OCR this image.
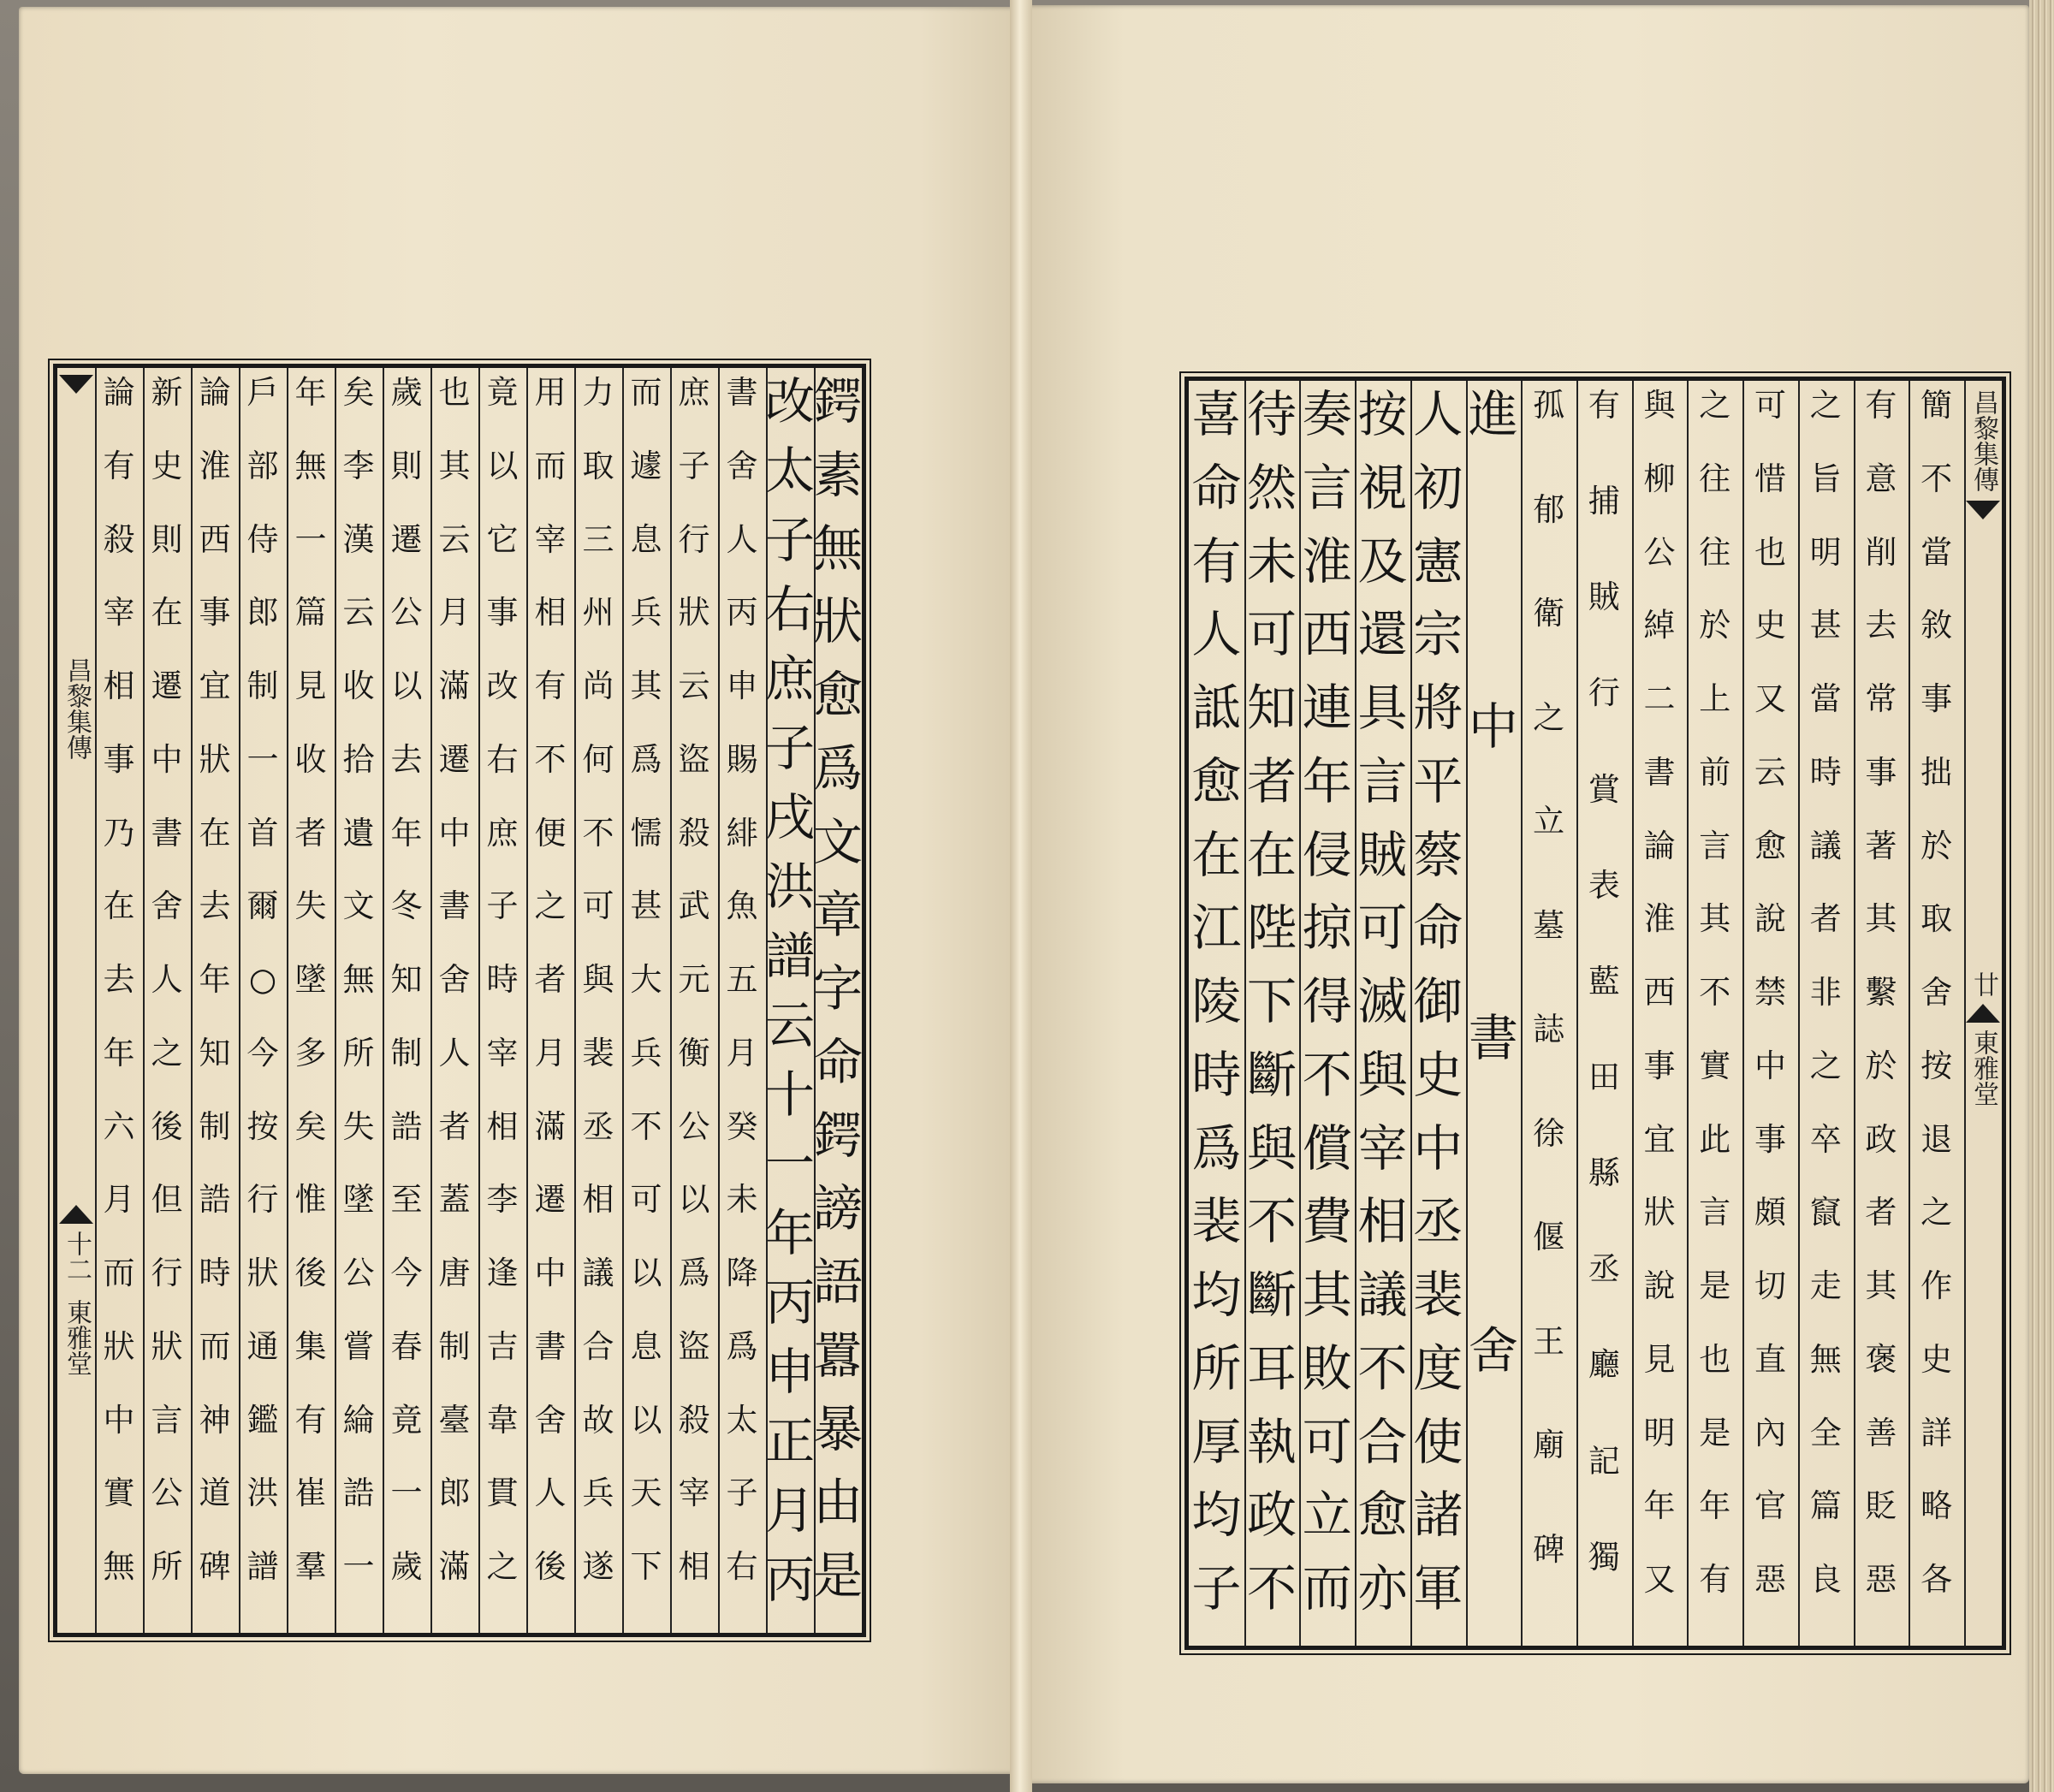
昌黎集傳
十二
東雅堂
鍔
素
無
狀
愈
爲
文
章
字
命
鍔
謗
語
囂
暴
由
是
改
太
子
右
庶
子
戌
洪
譜
云
十
一
年
丙
申
正
月
丙
書
舍
人
丙
申
賜
緋
魚
五
月
癸
未
降
爲
太
子
右
庶
子
行
狀
云
盜
殺
武
元
衡
公
以
爲
盜
殺
宰
相
而
遽
息
兵
其
爲
懦
甚
大
兵
不
可
以
息
以
天
下
力
取
三
州
尚
何
不
可
與
裴
丞
相
議
合
故
兵
遂
用
而
宰
相
有
不
便
之
者
月
滿
遷
中
書
舍
人
後
竟
以
它
事
改
右
庶
子
時
宰
相
李
逢
吉
韋
貫
之
也
其
云
月
滿
遷
中
書
舍
人
者
蓋
唐
制
臺
郎
滿
歲
則
遷
公
以
去
年
冬
知
制
誥
至
今
春
竟
一
歲
矣
李
漢
云
收
拾
遺
文
無
所
失
墜
公
嘗
綸
誥
一
年
無
一
篇
見
收
者
失
墜
多
矣
惟
後
集
有
崔
羣
戶
部
侍
郎
制
一
首
爾
○
今
按
行
狀
通
鑑
洪
譜
論
淮
西
事
宜
狀
在
去
年
知
制
誥
時
而
神
道
碑
新
史
則
在
遷
中
書
舍
人
之
後
但
行
狀
言
公
所
論
有
殺
宰
相
事
乃
在
去
年
六
月
而
狀
中
實
無
昌黎集傳
廿
東雅堂
簡
不
當
敘
事
拙
於
取
舍
按
退
之
作
史
詳
略
各
有
意
削
去
常
事
著
其
繫
於
政
者
其
褒
善
貶
惡
之
旨
明
甚
當
時
議
者
非
之
卒
竄
走
無
全
篇
良
可
惜
也
史
又
云
愈
說
禁
中
事
頗
切
直
內
官
惡
之
往
往
於
上
前
言
其
不
實
此
言
是
也
是
年
有
與
柳
公
綽
二
書
論
淮
西
事
宜
狀
說
見
明
年
又
有
捕
賊
行
賞
表
藍
田
縣
丞
廳
記
獨
孤
郁
衛
之
立
墓
誌
徐
偃
王
廟
碑
進
中
書
舍
人
初
憲
宗
將
平
蔡
命
御
史
中
丞
裴
度
使
諸
軍
按
視
及
還
具
言
賊
可
滅
與
宰
相
議
不
合
愈
亦
奏
言
淮
西
連
年
侵
掠
得
不
償
費
其
敗
可
立
而
待
然
未
可
知
者
在
陛
下
斷
與
不
斷
耳
執
政
不
喜
命
有
人
詆
愈
在
江
陵
時
爲
裴
均
所
厚
均
子
